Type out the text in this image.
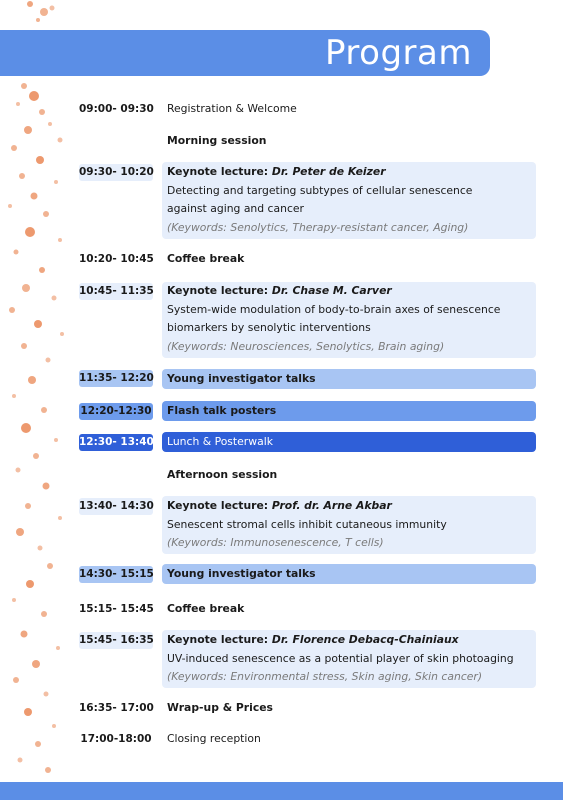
Program
09:00- 09:30 Registration & Welcome
Morning session
09:30- 10:20 Keynote lecture: Dr. Peter de Keizer
Detecting and targeting subtypes of cellular senescence
against aging and cancer
(Keywords: Senolytics, Therapy-resistant cancer, Aging)
10:20- 10:45 Coffee break
10:45- 11:35 Keynote lecture: Dr. Chase M. Carver
System-wide modulation of body-to-brain axes of senescence
biomarkers by senolytic interventions
(Keywords: Neurosciences, Senolytics, Brain aging)
11:35- 12:20 Young investigator talks
12:20-12:30 Flash talk posters
12:30- 13:40 Lunch & Posterwalk
Afternoon session
13:40- 14:30 Keynote lecture: Prof. dr. Arne Akbar
Senescent stromal cells inhibit cutaneous immunity
(Keywords: Immunosenescence, T cells)
14:30- 15:15 Young investigator talks
15:15- 15:45 Coffee break
15:45- 16:35 Keynote lecture: Dr. Florence Debacq-Chainiaux
UV-induced senescence as a potential player of skin photoaging
(Keywords: Environmental stress, Skin aging, Skin cancer)
16:35- 17:00 Wrap-up & Prices
17:00-18:00 Closing reception
